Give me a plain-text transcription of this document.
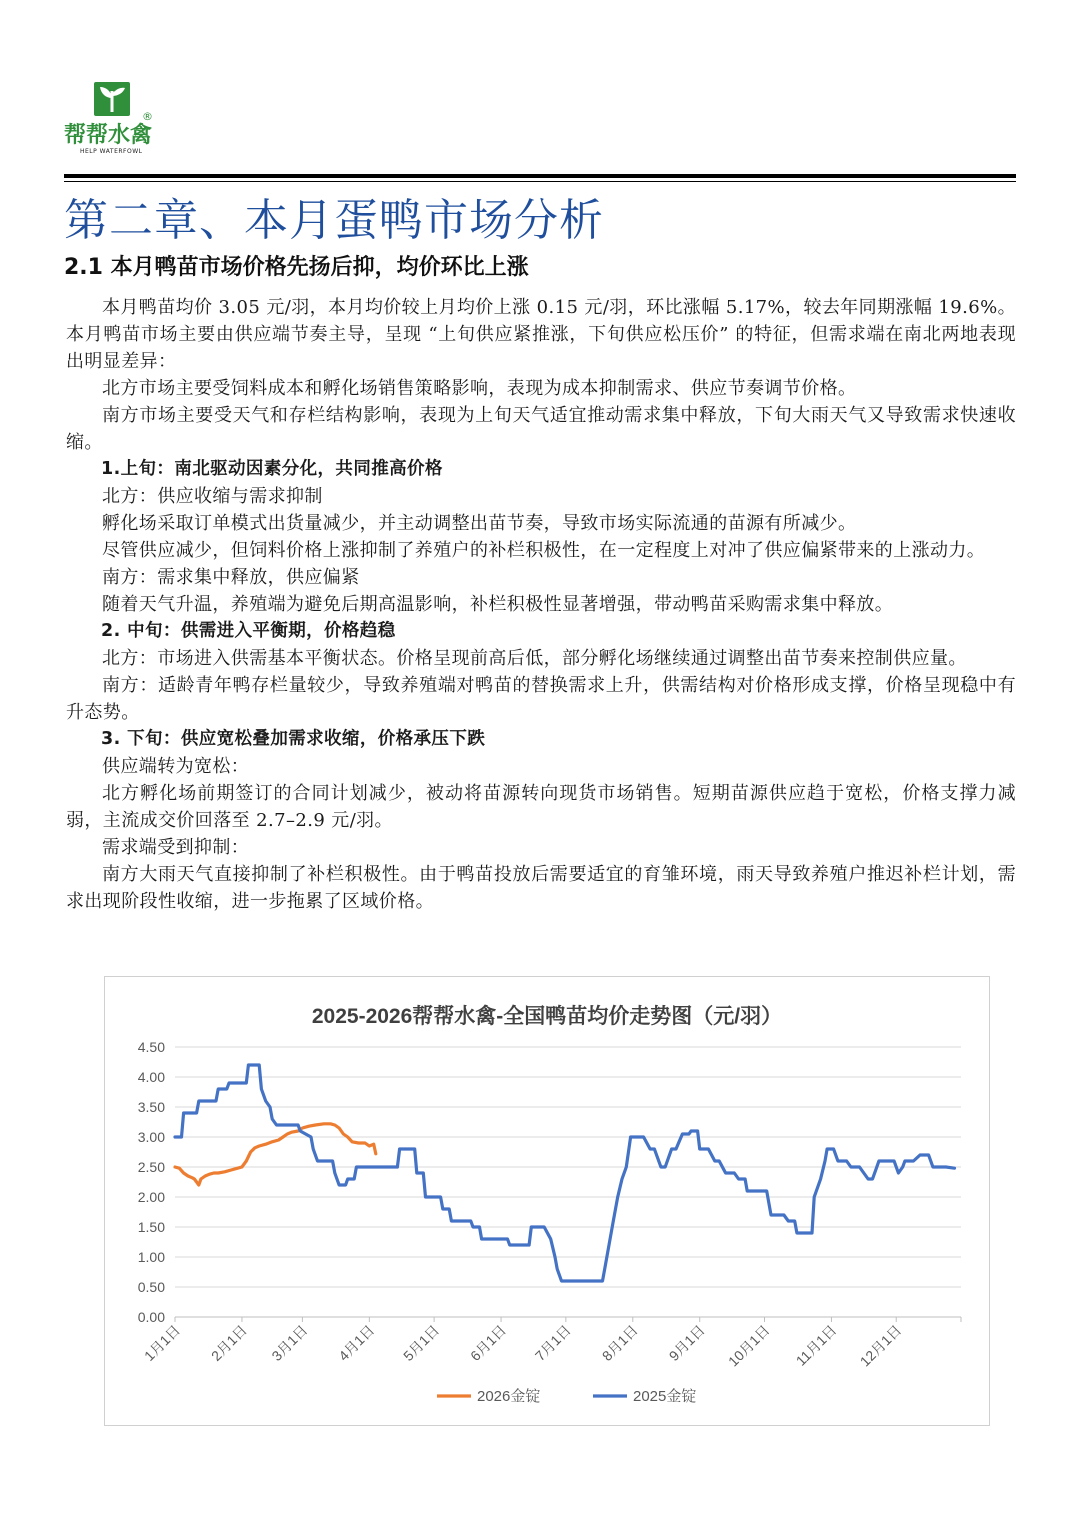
®
帮帮水禽
HELP WATERFOWL
第二章、本月蛋鸭市场分析
2.1 本月鸭苗市场价格先扬后抑，均价环比上涨

本月鸭苗均价 3.05 元/羽，本月均价较上月均价上涨 0.15 元/羽，环比涨幅 5.17%，较去年同期涨幅 19.6%。本月鸭苗市场主要由供应端节奏主导，呈现 “上旬供应紧推涨，下旬供应松压价” 的特征，但需求端在南北两地表现出明显差异：

北方市场主要受饲料成本和孵化场销售策略影响，表现为成本抑制需求、供应节奏调节价格。

南方市场主要受天气和存栏结构影响，表现为上旬天气适宜推动需求集中释放，下旬大雨天气又导致需求快速收缩。

1.上旬：南北驱动因素分化，共同推高价格

北方：供应收缩与需求抑制

孵化场采取订单模式出货量减少，并主动调整出苗节奏，导致市场实际流通的苗源有所减少。

尽管供应减少，但饲料价格上涨抑制了养殖户的补栏积极性，在一定程度上对冲了供应偏紧带来的上涨动力。

南方：需求集中释放，供应偏紧

随着天气升温，养殖端为避免后期高温影响，补栏积极性显著增强，带动鸭苗采购需求集中释放。

2. 中旬：供需进入平衡期，价格趋稳

北方：市场进入供需基本平衡状态。价格呈现前高后低，部分孵化场继续通过调整出苗节奏来控制供应量。

南方：适龄青年鸭存栏量较少，导致养殖端对鸭苗的替换需求上升，供需结构对价格形成支撑，价格呈现稳中有升态势。

3. 下旬：供应宽松叠加需求收缩，价格承压下跌

供应端转为宽松：

北方孵化场前期签订的合同计划减少，被动将苗源转向现货市场销售。短期苗源供应趋于宽松，价格支撑力减弱，主流成交价回落至 2.7–2.9 元/羽。

需求端受到抑制：

南方大雨天气直接抑制了补栏积极性。由于鸭苗投放后需要适宜的育雏环境，雨天导致养殖户推迟补栏计划，需求出现阶段性收缩，进一步拖累了区域价格。

2025-2026帮帮水禽-全国鸭苗均价走势图（元/羽）
0.00
0.50
1.00
1.50
2.00
2.50
3.00
3.50
4.00
4.50
1月1日 2月1日 3月1日 4月1日 5月1日 6月1日 7月1日 8月1日 9月1日 10月1日 11月1日 12月1日
2026金锭	2025金锭
